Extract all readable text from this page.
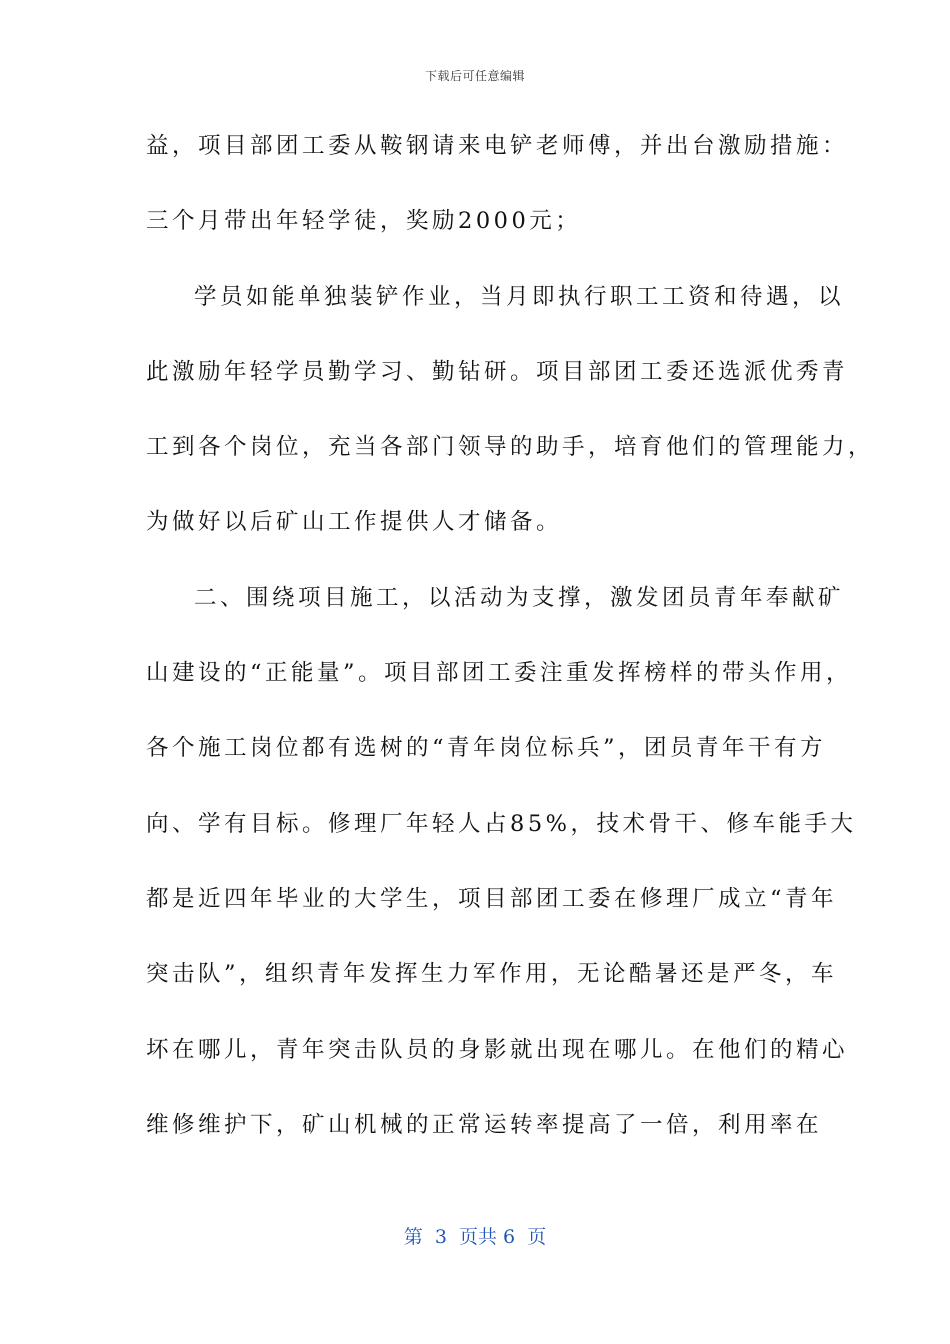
下载后可任意编辑
益，项目部团工委从鞍钢请来电铲老师傅，并出台激励措施：
三个月带出年轻学徒，奖励2000元；
学员如能单独装铲作业，当月即执行职工工资和待遇，以
此激励年轻学员勤学习、勤钻研。项目部团工委还选派优秀青
工到各个岗位，充当各部门领导的助手，培育他们的管理能力，
为做好以后矿山工作提供人才储备。
二、围绕项目施工，以活动为支撑，激发团员青年奉献矿
山建设的“正能量”。项目部团工委注重发挥榜样的带头作用，
各个施工岗位都有选树的“青年岗位标兵”，团员青年干有方
向、学有目标。修理厂年轻人占85%，技术骨干、修车能手大
都是近四年毕业的大学生，项目部团工委在修理厂成立“青年
突击队”，组织青年发挥生力军作用，无论酷暑还是严冬，车
坏在哪儿，青年突击队员的身影就出现在哪儿。在他们的精心
维修维护下，矿山机械的正常运转率提高了一倍，利用率在
第  3  页共 6  页
